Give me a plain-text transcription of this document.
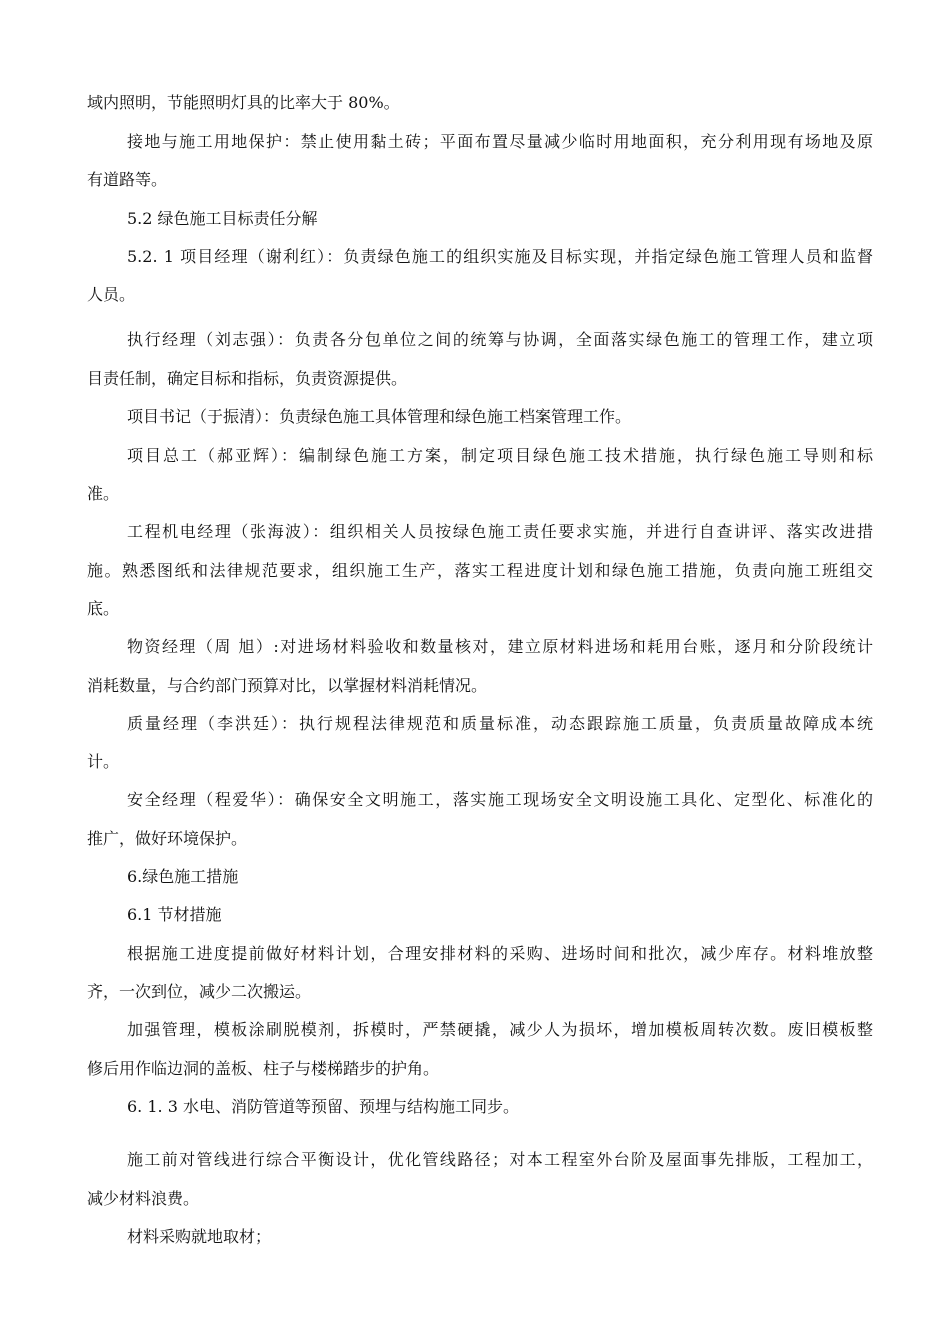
域内照明，节能照明灯具的比率大于 80%。
接地与施工用地保护：禁止使用黏土砖；平面布置尽量减少临时用地面积，充分利用现有场地及原
有道路等。
5.2 绿色施工目标责任分解
5.2. 1 项目经理（谢利红）：负责绿色施工的组织实施及目标实现，并指定绿色施工管理人员和监督
人员。
执行经理（刘志强）：负责各分包单位之间的统筹与协调，全面落实绿色施工的管理工作，建立项
目责任制，确定目标和指标，负责资源提供。
项目书记（于振清）：负责绿色施工具体管理和绿色施工档案管理工作。
项目总工（郝亚辉）：编制绿色施工方案，制定项目绿色施工技术措施，执行绿色施工导则和标
准。
工程机电经理（张海波）：组织相关人员按绿色施工责任要求实施，并进行自查讲评、落实改进措
施。熟悉图纸和法律规范要求，组织施工生产，落实工程进度计划和绿色施工措施，负责向施工班组交
底。
物资经理（周 旭）:对进场材料验收和数量核对，建立原材料进场和耗用台账，逐月和分阶段统计
消耗数量，与合约部门预算对比，以掌握材料消耗情况。
质量经理（李洪廷）：执行规程法律规范和质量标准，动态跟踪施工质量，负责质量故障成本统
计。
安全经理（程爱华）：确保安全文明施工，落实施工现场安全文明设施工具化、定型化、标准化的
推广，做好环境保护。
6.绿色施工措施
6.1 节材措施
根据施工进度提前做好材料计划，合理安排材料的采购、进场时间和批次，减少库存。材料堆放整
齐，一次到位，减少二次搬运。
加强管理，模板涂刷脱模剂，拆模时，严禁硬撬，减少人为损坏，增加模板周转次数。废旧模板整
修后用作临边洞的盖板、柱子与楼梯踏步的护角。
6. 1. 3 水电、消防管道等预留、预埋与结构施工同步。
施工前对管线进行综合平衡设计，优化管线路径；对本工程室外台阶及屋面事先排版，工程加工，
减少材料浪费。
材料采购就地取材；
